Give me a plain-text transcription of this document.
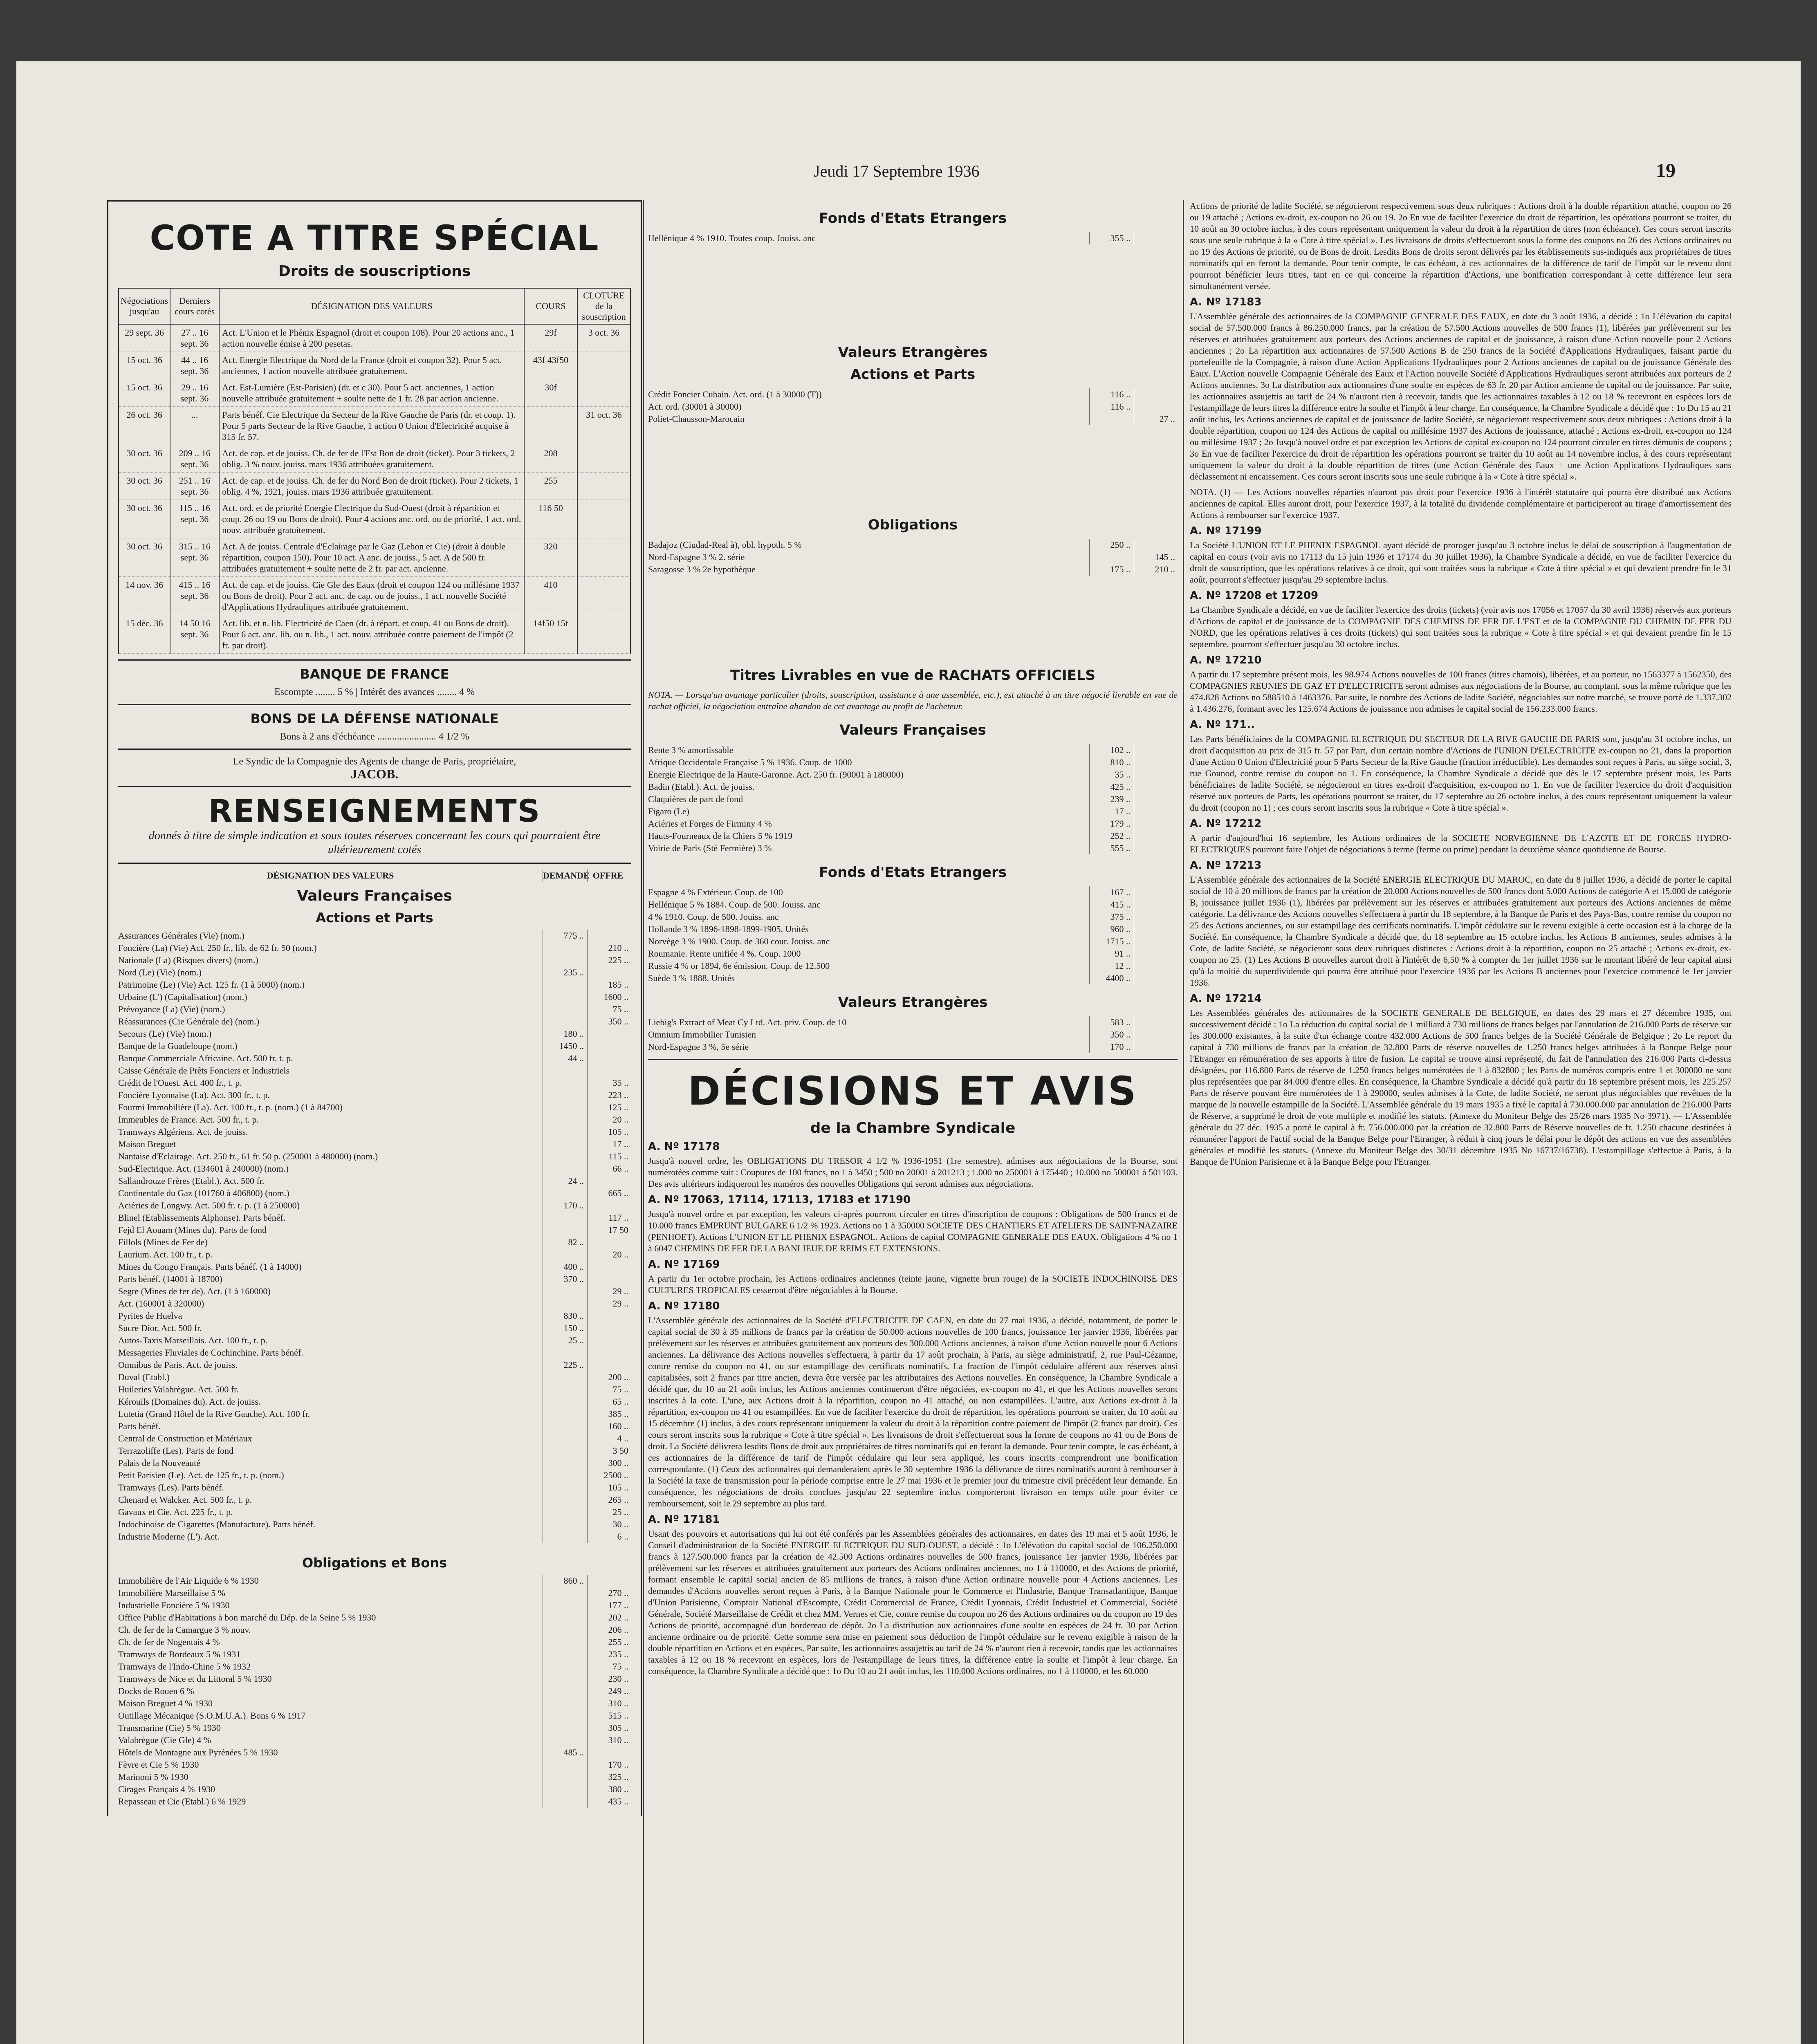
Jeudi 17 Septembre 1936	19
COTE A TITRE SPÉCIAL
Droits de souscriptions
Négociations jusqu'au	Derniers cours cotés	DÉSIGNATION DES VALEURS	COURS	CLOTURE de la souscription
29 sept. 36	27 .. 16 sept. 36	Act. L'Union et le Phénix Espagnol (droit et coupon 108). Pour 20 actions anc., 1 action nouvelle émise à 200 pesetas.	29f	3 oct. 36
15 oct. 36	44 .. 16 sept. 36	Act. Energie Electrique du Nord de la France (droit et coupon 32). Pour 5 act. anciennes, 1 action nouvelle attribuée gratuitement.	43f 43f50	
15 oct. 36	29 .. 16 sept. 36	Act. Est-Lumière (Est-Parisien) (dr. et c 30). Pour 5 act. anciennes, 1 action nouvelle attribuée gratuitement + soulte nette de 1 fr. 28 par action ancienne.	30f	
26 oct. 36	...	Parts bénéf. Cie Electrique du Secteur de la Rive Gauche de Paris (dr. et coup. 1). Pour 5 parts Secteur de la Rive Gauche, 1 action 0 Union d'Electricité acquise à 315 fr. 57.		31 oct. 36
30 oct. 36	209 .. 16 sept. 36	Act. de cap. et de jouiss. Ch. de fer de l'Est Bon de droit (ticket). Pour 3 tickets, 2 oblig. 3 % nouv. jouiss. mars 1936 attribuées gratuitement.	208	
30 oct. 36	251 .. 16 sept. 36	Act. de cap. et de jouiss. Ch. de fer du Nord Bon de droit (ticket). Pour 2 tickets, 1 oblig. 4 %, 1921, jouiss. mars 1936 attribuée gratuitement.	255	
30 oct. 36	115 .. 16 sept. 36	Act. ord. et de priorité Energie Electrique du Sud-Ouest (droit à répartition et coup. 26 ou 19 ou Bons de droit). Pour 4 actions anc. ord. ou de priorité, 1 act. ord. nouv. attribuée gratuitement.	116 50	
30 oct. 36	315 .. 16 sept. 36	Act. A de jouiss. Centrale d'Eclairage par le Gaz (Lebon et Cie) (droit à double répartition, coupon 150). Pour 10 act. A anc. de jouiss., 5 act. A de 500 fr. attribuées gratuitement + soulte nette de 2 fr. par act. ancienne.	320	
14 nov. 36	415 .. 16 sept. 36	Act. de cap. et de jouiss. Cie Gle des Eaux (droit et coupon 124 ou millésime 1937 ou Bons de droit). Pour 2 act. anc. de cap. ou de jouiss., 1 act. nouvelle Société d'Applications Hydrauliques attribuée gratuitement.	410	
15 déc. 36	14 50 16 sept. 36	Act. lib. et n. lib. Electricité de Caen (dr. à répart. et coup. 41 ou Bons de droit). Pour 6 act. anc. lib. ou n. lib., 1 act. nouv. attribuée contre paiement de l'impôt (2 fr. par droit).	14f50 15f	
BANQUE DE FRANCE
Escompte ........ 5 % | Intérêt des avances ........ 4 %
BONS DE LA DÉFENSE NATIONALE
Bons à 2 ans d'échéance ........................ 4 1/2 %
Le Syndic de la Compagnie des Agents de change de Paris, propriétaire,
JACOB.
RENSEIGNEMENTS
donnés à titre de simple indication et sous toutes réserves concernant les cours qui pourraient être ultérieurement cotés
DÉSIGNATION DES VALEURS	DEMANDE OFFRE
Valeurs Françaises
Actions et Parts
Assurances Générales (Vie) (nom.)	775 ..
Foncière (La) (Vie) Act. 250 fr., lib. de 62 fr. 50 (nom.)	210 ..
Nationale (La) (Risques divers) (nom.)	225 ..
Nord (Le) (Vie) (nom.)	235 ..
Patrimoine (Le) (Vie) Act. 125 fr. (1 à 5000) (nom.)	185 ..
Urbaine (L') (Capitalisation) (nom.)	1600 ..
Prévoyance (La) (Vie) (nom.)	75 ..
Réassurances (Cie Générale de) (nom.)	350 ..
Secours (Le) (Vie) (nom.)	180 ..
Banque de la Guadeloupe (nom.)	1450 ..
Banque Commerciale Africaine. Act. 500 fr. t. p.	44 ..
Caisse Générale de Prêts Fonciers et Industriels
Crédit de l'Ouest. Act. 400 fr., t. p.	35 ..
Foncière Lyonnaise (La). Act. 300 fr., t. p.	223 ..
Fourmi Immobilière (La). Act. 100 fr., t. p. (nom.) (1 à 84700)	125 ..
Immeubles de France. Act. 500 fr., t. p.	20 ..
Tramways Algériens. Act. de jouiss.	105 ..
Maison Breguet	17 ..
Nantaise d'Eclairage. Act. 250 fr., 61 fr. 50 p. (250001 à 480000) (nom.)	115 ..
Sud-Electrique. Act. (134601 à 240000) (nom.)	66 ..
Sallandrouze Frères (Etabl.). Act. 500 fr.	24 ..
Continentale du Gaz (101760 à 406800) (nom.)	665 ..
Aciéries de Longwy. Act. 500 fr. t. p. (1 à 250000)	170 ..
Blinel (Etablissements Alphonse). Parts bénéf.	117 ..
Fejd El Aouam (Mines du). Parts de fond	17 50
Fillols (Mines de Fer de)	82 ..
Laurium. Act. 100 fr., t. p.	20 ..
Mines du Congo Français. Parts bénéf. (1 à 14000)	400 ..
Parts bénéf. (14001 à 18700)	370 ..
Segre (Mines de fer de). Act. (1 à 160000)	29 ..
Act. (160001 à 320000)	29 ..
Pyrites de Huelva	830 ..
Sucre Dior. Act. 500 fr.	150 ..
Autos-Taxis Marseillais. Act. 100 fr., t. p.	25 ..
Messageries Fluviales de Cochinchine. Parts bénéf.
Omnibus de Paris. Act. de jouiss.	225 ..
Duval (Etabl.)	200 ..
Huileries Valabrègue. Act. 500 fr.	75 ..
Kérouils (Domaines du). Act. de jouiss.	65 ..
Lutetia (Grand Hôtel de la Rive Gauche). Act. 100 fr.	385 ..
Parts bénéf.	160 ..
Central de Construction et Matériaux	4 ..
Terrazoliffe (Les). Parts de fond	3 50
Palais de la Nouveauté	300 ..
Petit Parisien (Le). Act. de 125 fr., t. p. (nom.)	2500 ..
Tramways (Les). Parts bénéf.	105 ..
Chenard et Walcker. Act. 500 fr., t. p.	265 ..
Gavaux et Cie. Act. 225 fr., t. p.	25 ..
Indochinoise de Cigarettes (Manufacture). Parts bénéf.	30 ..
Industrie Moderne (L'). Act.	6 ..
Obligations et Bons
Immobilière de l'Air Liquide 6 % 1930	860 ..
Immobilière Marseillaise 5 %	270 ..
Industrielle Foncière 5 % 1930	177 ..
Office Public d'Habitations à bon marché du Dép. de la Seine 5 % 1930	202 ..
Ch. de fer de la Camargue 3 % nouv.	206 ..
Ch. de fer de Nogentais 4 %	255 ..
Tramways de Bordeaux 5 % 1931	235 ..
Tramways de l'Indo-Chine 5 % 1932	75 ..
Tramways de Nice et du Littoral 5 % 1930	230 ..
Docks de Rouen 6 %	249 ..
Maison Breguet 4 % 1930	310 ..
Outillage Mécanique (S.O.M.U.A.). Bons 6 % 1917	515 ..
Transmarine (Cie) 5 % 1930	305 ..
Valabrègue (Cie Gle) 4 %	310 ..
Hôtels de Montagne aux Pyrénées 5 % 1930	485 ..
Fèvre et Cie 5 % 1930	170 ..
Marinoni 5 % 1930	325 ..
Cirages Français 4 % 1930	380 ..
Repasseau et Cie (Etabl.) 6 % 1929	435 ..
Fonds d'Etats Etrangers
Hellénique 4 % 1910. Toutes coup. Jouiss. anc	355 ..
Valeurs Etrangères
Actions et Parts
Crédit Foncier Cubain. Act. ord. (1 à 30000 (T))	116 ..
Act. ord. (30001 à 30000)	116 ..
Poliet-Chausson-Marocain	27 ..
Obligations
Badajoz (Ciudad-Real à), obl. hypoth. 5 %	250 ..
Nord-Espagne 3 % 2. série	145 ..
Saragosse 3 % 2e hypothèque	175 ..	210 ..
Titres Livrables en vue de RACHATS OFFICIELS
NOTA. — Lorsqu'un avantage particulier (droits, souscription, assistance à une assemblée, etc.), est attaché à un titre négocié livrable en vue de rachat officiel, la négociation entraîne abandon de cet avantage au profit de l'acheteur.
Valeurs Françaises
Rente 3 % amortissable	102 ..
Afrique Occidentale Française 5 % 1936. Coup. de 1000	810 ..
Energie Electrique de la Haute-Garonne. Act. 250 fr. (90001 à 180000)	35 ..
Badin (Etabl.). Act. de jouiss.	425 ..
Claquières de part de fond	239 ..
Figaro (Le)	17 ..
Aciéries et Forges de Firminy 4 %	179 ..
Hauts-Fourneaux de la Chiers 5 % 1919	252 ..
Voirie de Paris (Sté Fermière) 3 %	555 ..
Fonds d'Etats Etrangers
Espagne 4 % Extérieur. Coup. de 100	167 ..
Hellénique 5 % 1884. Coup. de 500. Jouiss. anc	415 ..
4 % 1910. Coup. de 500. Jouiss. anc	375 ..
Hollande 3 % 1896-1898-1899-1905. Unités	960 ..
Norvège 3 % 1900. Coup. de 360 cour. Jouiss. anc	1715 ..
Roumanie. Rente unifiée 4 %. Coup. 1000	91 ..
Russie 4 % or 1894, 6e émission. Coup. de 12.500	12 ..
Suède 3 % 1888. Unités	4400 ..
Valeurs Etrangères
Liebig's Extract of Meat Cy Ltd. Act. priv. Coup. de 10	583 ..
Omnium Immobilier Tunisien	350 ..
Nord-Espagne 3 %, 5e série	170 ..
DÉCISIONS ET AVIS
de la Chambre Syndicale
A. Nº 17178

Jusqu'à nouvel ordre, les OBLIGATIONS DU TRESOR 4 1/2 % 1936-1951 (1re semestre), admises aux négociations de la Bourse, sont numérotées comme suit : Coupures de 100 francs, no 1 à 3450 ; 500 no 20001 à 201213 ; 1.000 no 250001 à 175440 ; 10.000 no 500001 à 501103. Des avis ultérieurs indiqueront les numéros des nouvelles Obligations qui seront admises aux négociations.

A. Nº 17063, 17114, 17113, 17183 et 17190

Jusqu'à nouvel ordre et par exception, les valeurs ci-après pourront circuler en titres d'inscription de coupons : Obligations de 500 francs et de 10.000 francs EMPRUNT BULGARE 6 1/2 % 1923. Actions no 1 à 350000 SOCIETE DES CHANTIERS ET ATELIERS DE SAINT-NAZAIRE (PENHOET). Actions L'UNION ET LE PHENIX ESPAGNOL. Actions de capital COMPAGNIE GENERALE DES EAUX. Obligations 4 % no 1 à 6047 CHEMINS DE FER DE LA BANLIEUE DE REIMS ET EXTENSIONS.

A. Nº 17169

A partir du 1er octobre prochain, les Actions ordinaires anciennes (teinte jaune, vignette brun rouge) de la SOCIETE INDOCHINOISE DES CULTURES TROPICALES cesseront d'être négociables à la Bourse.

A. Nº 17180

L'Assemblée générale des actionnaires de la Société d'ELECTRICITE DE CAEN, en date du 27 mai 1936, a décidé, notamment, de porter le capital social de 30 à 35 millions de francs par la création de 50.000 actions nouvelles de 100 francs, jouissance 1er janvier 1936, libérées par prélèvement sur les réserves et attribuées gratuitement aux porteurs des 300.000 Actions anciennes, à raison d'une Action nouvelle pour 6 Actions anciennes. La délivrance des Actions nouvelles s'effectuera, à partir du 17 août prochain, à Paris, au siège administratif, 2, rue Paul-Cézanne, contre remise du coupon no 41, ou sur estampillage des certificats nominatifs. La fraction de l'impôt cédulaire afférent aux réserves ainsi capitalisées, soit 2 francs par titre ancien, devra être versée par les attributaires des Actions nouvelles. En conséquence, la Chambre Syndicale a décidé que, du 10 au 21 août inclus, les Actions anciennes continueront d'être négociées, ex-coupon no 41, et que les Actions nouvelles seront inscrites à la cote. L'une, aux Actions droit à la répartition, coupon no 41 attaché, ou non estampillées. L'autre, aux Actions ex-droit à la répartition, ex-coupon no 41 ou estampillées. En vue de faciliter l'exercice du droit de répartition, les opérations pourront se traiter, du 10 août au 15 décembre (1) inclus, à des cours représentant uniquement la valeur du droit à la répartition contre paiement de l'impôt (2 francs par droit). Ces cours seront inscrits sous la rubrique « Cote à titre spécial ». Les livraisons de droit s'effectueront sous la forme de coupons no 41 ou de Bons de droit. La Société délivrera lesdits Bons de droit aux propriétaires de titres nominatifs qui en feront la demande. Pour tenir compte, le cas échéant, à ces actionnaires de la différence de tarif de l'impôt cédulaire qui leur sera appliqué, les cours inscrits comprendront une bonification correspondante. (1) Ceux des actionnaires qui demanderaient après le 30 septembre 1936 la délivrance de titres nominatifs auront à rembourser à la Société la taxe de transmission pour la période comprise entre le 27 mai 1936 et le premier jour du trimestre civil précédent leur demande. En conséquence, les négociations de droits conclues jusqu'au 22 septembre inclus comporteront livraison en temps utile pour éviter ce remboursement, soit le 29 septembre au plus tard.

A. Nº 17181

Usant des pouvoirs et autorisations qui lui ont été conférés par les Assemblées générales des actionnaires, en dates des 19 mai et 5 août 1936, le Conseil d'administration de la Société ENERGIE ELECTRIQUE DU SUD-OUEST, a décidé : 1o L'élévation du capital social de 106.250.000 francs à 127.500.000 francs par la création de 42.500 Actions ordinaires nouvelles de 500 francs, jouissance 1er janvier 1936, libérées par prélèvement sur les réserves et attribuées gratuitement aux porteurs des Actions ordinaires anciennes, no 1 à 110000, et des Actions de priorité, formant ensemble le capital social ancien de 85 millions de francs, à raison d'une Action ordinaire nouvelle pour 4 Actions anciennes. Les demandes d'Actions nouvelles seront reçues à Paris, à la Banque Nationale pour le Commerce et l'Industrie, Banque Transatlantique, Banque d'Union Parisienne, Comptoir National d'Escompte, Crédit Commercial de France, Crédit Lyonnais, Crédit Industriel et Commercial, Société Générale, Société Marseillaise de Crédit et chez MM. Vernes et Cie, contre remise du coupon no 26 des Actions ordinaires ou du coupon no 19 des Actions de priorité, accompagné d'un bordereau de dépôt. 2o La distribution aux actionnaires d'une soulte en espèces de 24 fr. 30 par Action ancienne ordinaire ou de priorité. Cette somme sera mise en paiement sous déduction de l'impôt cédulaire sur le revenu exigible à raison de la double répartition en Actions et en espèces. Par suite, les actionnaires assujettis au tarif de 24 % n'auront rien à recevoir, tandis que les actionnaires taxables à 12 ou 18 % recevront en espèces, lors de l'estampillage de leurs titres, la différence entre la soulte et l'impôt à leur charge. En conséquence, la Chambre Syndicale a décidé que : 1o Du 10 au 21 août inclus, les 110.000 Actions ordinaires, no 1 à 110000, et les 60.000

Actions de priorité de ladite Société, se négocieront respectivement sous deux rubriques : Actions droit à la double répartition attaché, coupon no 26 ou 19 attaché ; Actions ex-droit, ex-coupon no 26 ou 19. 2o En vue de faciliter l'exercice du droit de répartition, les opérations pourront se traiter, du 10 août au 30 octobre inclus, à des cours représentant uniquement la valeur du droit à la répartition de titres (non échéance). Ces cours seront inscrits sous une seule rubrique à la « Cote à titre spécial ». Les livraisons de droits s'effectueront sous la forme des coupons no 26 des Actions ordinaires ou no 19 des Actions de priorité, ou de Bons de droit. Lesdits Bons de droits seront délivrés par les établissements sus-indiqués aux propriétaires de titres nominatifs qui en feront la demande. Pour tenir compte, le cas échéant, à ces actionnaires de la différence de tarif de l'impôt sur le revenu dont pourront bénéficier leurs titres, tant en ce qui concerne la répartition d'Actions, une bonification correspondant à cette différence leur sera simultanément versée.

A. Nº 17183

L'Assemblée générale des actionnaires de la COMPAGNIE GENERALE DES EAUX, en date du 3 août 1936, a décidé : 1o L'élévation du capital social de 57.500.000 francs à 86.250.000 francs, par la création de 57.500 Actions nouvelles de 500 francs (1), libérées par prélèvement sur les réserves et attribuées gratuitement aux porteurs des Actions anciennes de capital et de jouissance, à raison d'une Action nouvelle pour 2 Actions anciennes ; 2o La répartition aux actionnaires de 57.500 Actions B de 250 francs de la Société d'Applications Hydrauliques, faisant partie du portefeuille de la Compagnie, à raison d'une Action Applications Hydrauliques pour 2 Actions anciennes de capital ou de jouissance Générale des Eaux. L'Action nouvelle Compagnie Générale des Eaux et l'Action nouvelle Société d'Applications Hydrauliques seront attribuées aux porteurs de 2 Actions anciennes. 3o La distribution aux actionnaires d'une soulte en espèces de 63 fr. 20 par Action ancienne de capital ou de jouissance. Par suite, les actionnaires assujettis au tarif de 24 % n'auront rien à recevoir, tandis que les actionnaires taxables à 12 ou 18 % recevront en espèces lors de l'estampillage de leurs titres la différence entre la soulte et l'impôt à leur charge. En conséquence, la Chambre Syndicale a décidé que : 1o Du 15 au 21 août inclus, les Actions anciennes de capital et de jouissance de ladite Société, se négocieront respectivement sous deux rubriques : Actions droit à la double répartition, coupon no 124 des Actions de capital ou millésime 1937 des Actions de jouissance, attaché ; Actions ex-droit, ex-coupon no 124 ou millésime 1937 ; 2o Jusqu'à nouvel ordre et par exception les Actions de capital ex-coupon no 124 pourront circuler en titres démunis de coupons ; 3o En vue de faciliter l'exercice du droit de répartition les opérations pourront se traiter du 10 août au 14 novembre inclus, à des cours représentant uniquement la valeur du droit à la double répartition de titres (une Action Générale des Eaux + une Action Applications Hydrauliques sans déclassement ni encaissement. Ces cours seront inscrits sous une seule rubrique à la « Cote à titre spécial ».

NOTA. (1) — Les Actions nouvelles réparties n'auront pas droit pour l'exercice 1936 à l'intérêt statutaire qui pourra être distribué aux Actions anciennes de capital. Elles auront droit, pour l'exercice 1937, à la totalité du dividende complémentaire et participeront au tirage d'amortissement des Actions à rembourser sur l'exercice 1937.

A. Nº 17199

La Société L'UNION ET LE PHENIX ESPAGNOL ayant décidé de proroger jusqu'au 3 octobre inclus le délai de souscription à l'augmentation de capital en cours (voir avis no 17113 du 15 juin 1936 et 17174 du 30 juillet 1936), la Chambre Syndicale a décidé, en vue de faciliter l'exercice du droit de souscription, que les opérations relatives à ce droit, qui sont traitées sous la rubrique « Cote à titre spécial » et qui devaient prendre fin le 31 août, pourront s'effectuer jusqu'au 29 septembre inclus.

A. Nº 17208 et 17209

La Chambre Syndicale a décidé, en vue de faciliter l'exercice des droits (tickets) (voir avis nos 17056 et 17057 du 30 avril 1936) réservés aux porteurs d'Actions de capital et de jouissance de la COMPAGNIE DES CHEMINS DE FER DE L'EST et de la COMPAGNIE DU CHEMIN DE FER DU NORD, que les opérations relatives à ces droits (tickets) qui sont traitées sous la rubrique « Cote à titre spécial » et qui devaient prendre fin le 15 septembre, pourront s'effectuer jusqu'au 30 octobre inclus.

A. Nº 17210

A partir du 17 septembre présent mois, les 98.974 Actions nouvelles de 100 francs (titres chamois), libérées, et au porteur, no 1563377 à 1562350, des COMPAGNIES REUNIES DE GAZ ET D'ELECTRICITE seront admises aux négociations de la Bourse, au comptant, sous la même rubrique que les 474.828 Actions no 588510 à 1463376. Par suite, le nombre des Actions de ladite Société, négociables sur notre marché, se trouve porté de 1.337.302 à 1.436.276, formant avec les 125.674 Actions de jouissance non admises le capital social de 156.233.000 francs.

A. Nº 171..

Les Parts bénéficiaires de la COMPAGNIE ELECTRIQUE DU SECTEUR DE LA RIVE GAUCHE DE PARIS sont, jusqu'au 31 octobre inclus, un droit d'acquisition au prix de 315 fr. 57 par Part, d'un certain nombre d'Actions de l'UNION D'ELECTRICITE ex-coupon no 21, dans la proportion d'une Action 0 Union d'Electricité pour 5 Parts Secteur de la Rive Gauche (fraction irréductible). Les demandes sont reçues à Paris, au siège social, 3, rue Gounod, contre remise du coupon no 1. En conséquence, la Chambre Syndicale a décidé que dès le 17 septembre présent mois, les Parts bénéficiaires de ladite Société, se négocieront en titres ex-droit d'acquisition, ex-coupon no 1. En vue de faciliter l'exercice du droit d'acquisition réservé aux porteurs de Parts, les opérations pourront se traiter, du 17 septembre au 26 octobre inclus, à des cours représentant uniquement la valeur du droit (coupon no 1) ; ces cours seront inscrits sous la rubrique « Cote à titre spécial ».

A. Nº 17212

A partir d'aujourd'hui 16 septembre, les Actions ordinaires de la SOCIETE NORVEGIENNE DE L'AZOTE ET DE FORCES HYDRO-ELECTRIQUES pourront faire l'objet de négociations à terme (ferme ou prime) pendant la deuxième séance quotidienne de Bourse.

A. Nº 17213

L'Assemblée générale des actionnaires de la Société ENERGIE ELECTRIQUE DU MAROC, en date du 8 juillet 1936, a décidé de porter le capital social de 10 à 20 millions de francs par la création de 20.000 Actions nouvelles de 500 francs dont 5.000 Actions de catégorie A et 15.000 de catégorie B, jouissance juillet 1936 (1), libérées par prélèvement sur les réserves et attribuées gratuitement aux porteurs des Actions anciennes de même catégorie. La délivrance des Actions nouvelles s'effectuera à partir du 18 septembre, à la Banque de Paris et des Pays-Bas, contre remise du coupon no 25 des Actions anciennes, ou sur estampillage des certificats nominatifs. L'impôt cédulaire sur le revenu exigible à cette occasion est à la charge de la Société. En conséquence, la Chambre Syndicale a décidé que, du 18 septembre au 15 octobre inclus, les Actions B anciennes, seules admises à la Cote, de ladite Société, se négocieront sous deux rubriques distinctes : Actions droit à la répartition, coupon no 25 attaché ; Actions ex-droit, ex-coupon no 25. (1) Les Actions B nouvelles auront droit à l'intérêt de 6,50 % à compter du 1er juillet 1936 sur le montant libéré de leur capital ainsi qu'à la moitié du superdividende qui pourra être attribué pour l'exercice 1936 par les Actions B anciennes pour l'exercice commencé le 1er janvier 1936.

A. Nº 17214

Les Assemblées générales des actionnaires de la SOCIETE GENERALE DE BELGIQUE, en dates des 29 mars et 27 décembre 1935, ont successivement décidé : 1o La réduction du capital social de 1 milliard à 730 millions de francs belges par l'annulation de 216.000 Parts de réserve sur les 300.000 existantes, à la suite d'un échange contre 432.000 Actions de 500 francs belges de la Société Générale de Belgique ; 2o Le report du capital à 730 millions de francs par la création de 32.800 Parts de réserve nouvelles de 1.250 francs belges attribuées à la Banque Belge pour l'Etranger en rémunération de ses apports à titre de fusion. Le capital se trouve ainsi représenté, du fait de l'annulation des 216.000 Parts ci-dessus désignées, par 116.800 Parts de réserve de 1.250 francs belges numérotées de 1 à 832800 ; les Parts de numéros compris entre 1 et 300000 ne sont plus représentées que par 84.000 d'entre elles. En conséquence, la Chambre Syndicale a décidé qu'à partir du 18 septembre présent mois, les 225.257 Parts de réserve pouvant être numérotées de 1 à 290000, seules admises à la Cote, de ladite Société, ne seront plus négociables que revêtues de la marque de la nouvelle estampille de la Société. L'Assemblée générale du 19 mars 1935 a fixé le capital à 730.000.000 par annulation de 216.000 Parts de Réserve, a supprimé le droit de vote multiple et modifié les statuts. (Annexe du Moniteur Belge des 25/26 mars 1935 No 3971). — L'Assemblée générale du 27 déc. 1935 a porté le capital à fr. 756.000.000 par la création de 32.800 Parts de Réserve nouvelles de fr. 1.250 chacune destinées à rémunérer l'apport de l'actif social de la Banque Belge pour l'Etranger, à réduit à cinq jours le délai pour le dépôt des actions en vue des assemblées générales et modifié les statuts. (Annexe du Moniteur Belge des 30/31 décembre 1935 No 16737/16738). L'estampillage s'effectue à Paris, à la Banque de l'Union Parisienne et à la Banque Belge pour l'Etranger.
